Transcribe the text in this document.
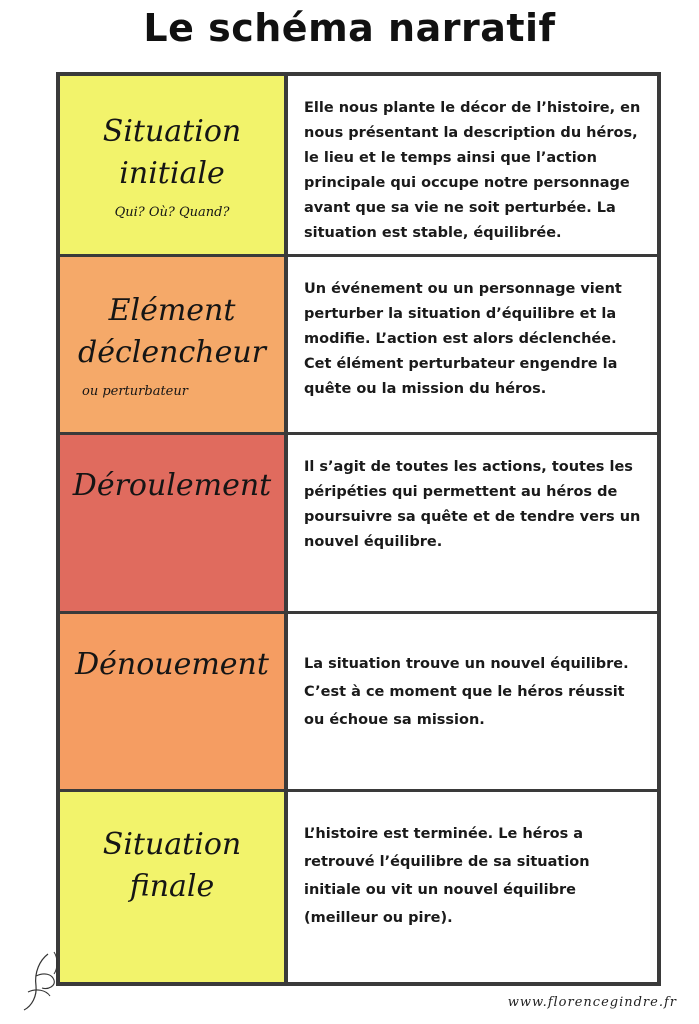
Le schéma narratif
Situation
initiale
Qui? Où? Quand?
Elle nous plante le décor de l’histoire, en nous présentant la description du héros, le lieu et le temps ainsi que l’action principale qui occupe notre personnage avant que sa vie ne soit perturbée. La situation est stable, équilibrée.
Elément
déclencheur
ou perturbateur
Un événement ou un personnage vient perturber la situation d’équilibre et la modifie. L’action est alors déclenchée. Cet élément perturbateur engendre la quête ou la mission du héros.
Déroulement
Il s’agit de toutes les actions, toutes les péripéties qui permettent au héros de poursuivre sa quête et de tendre vers un nouvel équilibre.
Dénouement	La situation trouve un nouvel équilibre. C’est à ce moment que le héros réussit ou échoue sa mission.
Situation
finale
L’histoire est terminée. Le héros a retrouvé l’équilibre de sa situation initiale ou vit un nouvel équilibre (meilleur ou pire).
www.florencegindre.fr
